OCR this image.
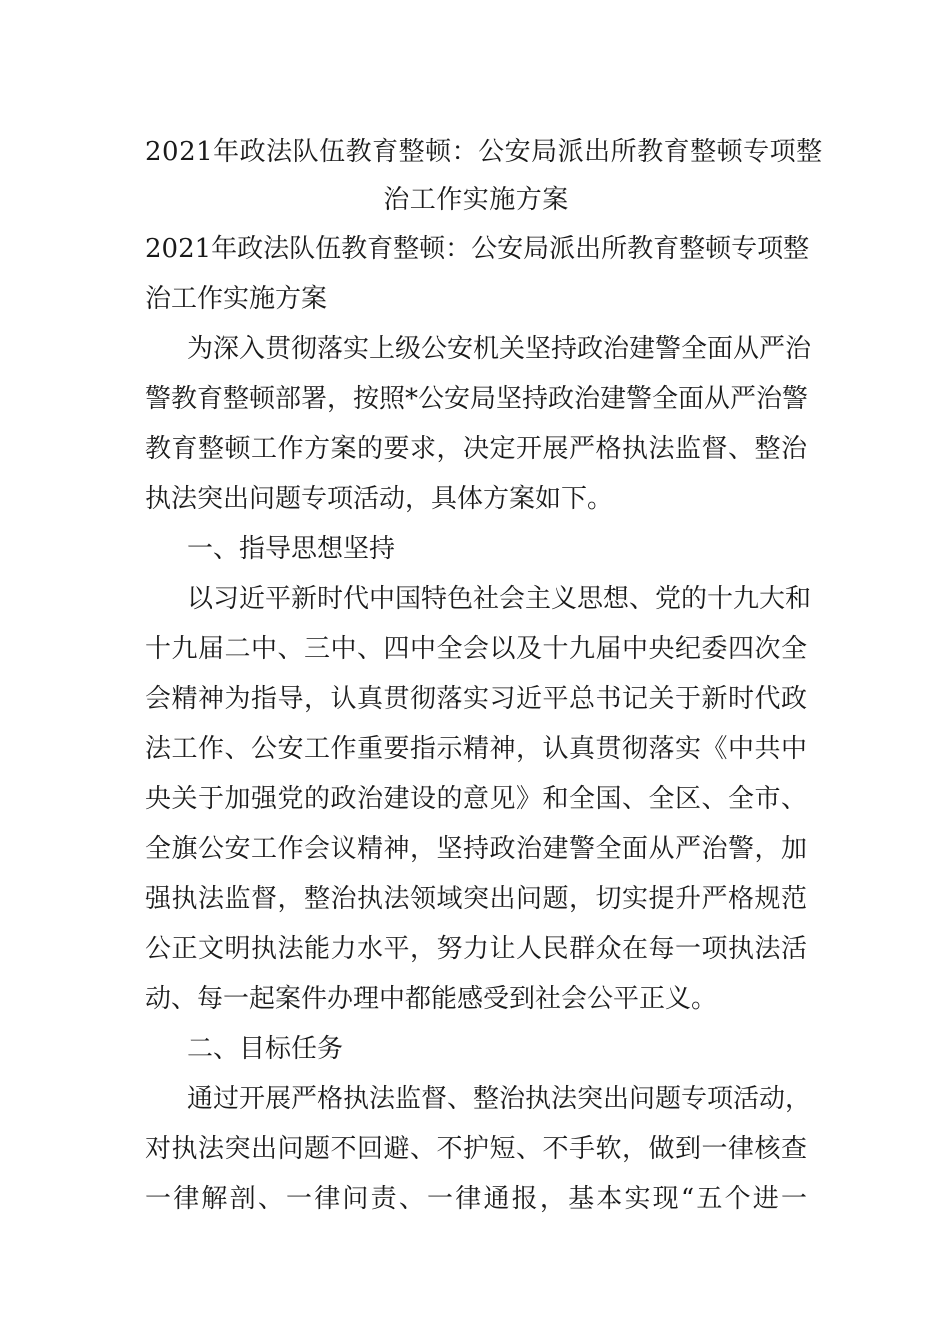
2021年政法队伍教育整顿：公安局派出所教育整顿专项整
治工作实施方案
2021年政法队伍教育整顿：公安局派出所教育整顿专项整
治工作实施方案
为深入贯彻落实上级公安机关坚持政治建警全面从严治
警教育整顿部署，按照*公安局坚持政治建警全面从严治警
教育整顿工作方案的要求，决定开展严格执法监督、整治
执法突出问题专项活动，具体方案如下。
一、指导思想坚持
以习近平新时代中国特色社会主义思想、党的十九大和
十九届二中、三中、四中全会以及十九届中央纪委四次全
会精神为指导，认真贯彻落实习近平总书记关于新时代政
法工作、公安工作重要指示精神，认真贯彻落实《中共中
央关于加强党的政治建设的意见》和全国、全区、全市、
全旗公安工作会议精神，坚持政治建警全面从严治警，加
强执法监督，整治执法领域突出问题，切实提升严格规范
公正文明执法能力水平，努力让人民群众在每一项执法活
动、每一起案件办理中都能感受到社会公平正义。
二、目标任务
通过开展严格执法监督、整治执法突出问题专项活动，
对执法突出问题不回避、不护短、不手软，做到一律核查
一律解剖、一律问责、一律通报，基本实现“五个进一
